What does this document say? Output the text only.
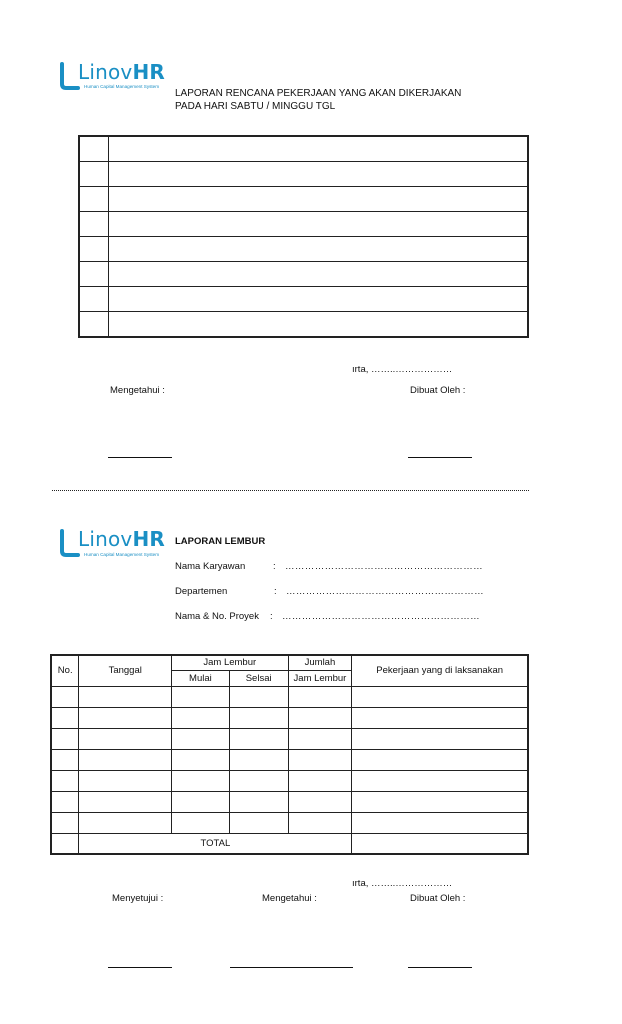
LinovHR
Human Capital Management System
LAPORAN RENCANA PEKERJAAN YANG AKAN DIKERJAKAN
PADA HARI SABTU / MINGGU TGL

ırta, ……..………………
Mengetahui :	Dibuat Oleh :
LinovHR
Human Capital Management System
LAPORAN LEMBUR
Nama Karyawan	: ……………………………………………………
Departemen	: ……………………………………………………
Nama & No. Proyek : ……………………………………………………
No.	Tanggal	Jam Lembur		Jumlah	Pekerjaan yang di laksanakan
		Mulai	Selsai	Jam Lembur	

	TOTAL				
ırta, ……..………………
Menyetujui :	Mengetahui :	Dibuat Oleh :
